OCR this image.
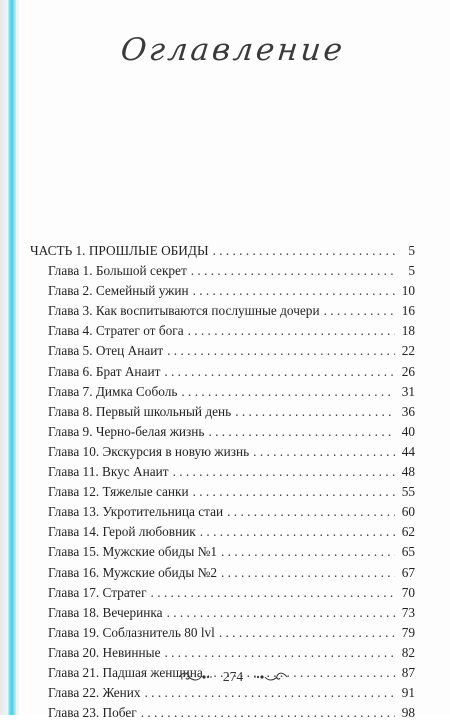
Оглавление
ЧАСТЬ 1. ПРОШЛЫЕ ОБИДЫ . . .	5
Глава 1. Большой секрет . . .	5
Глава 2. Семейный ужин . . .	10
Глава 3. Как воспитываются послушные дочери . . .	16
Глава 4. Стратег от бога . . .	18
Глава 5. Отец Анаит . . .	22
Глава 6. Брат Анаит . . .	26
Глава 7. Димка Соболь . . .	31
Глава 8. Первый школьный день . . .	36
Глава 9. Черно-белая жизнь . . .	40
Глава 10. Экскурсия в новую жизнь . . .	44
Глава 11. Вкус Анаит . . .	48
Глава 12. Тяжелые санки . . .	55
Глава 13. Укротительница стаи . . .	60
Глава 14. Герой любовник . . .	62
Глава 15. Мужские обиды №1 . . .	65
Глава 16. Мужские обиды №2 . . .	67
Глава 17. Стратег . . .	70
Глава 18. Вечеринка . . .	73
Глава 19. Соблазнитель 80 lvl . . .	79
Глава 20. Невинные . . .	82
Глава 21. Падшая женщина . . .	87
Глава 22. Жених . . .	91
Глава 23. Побег . . .	98
274
